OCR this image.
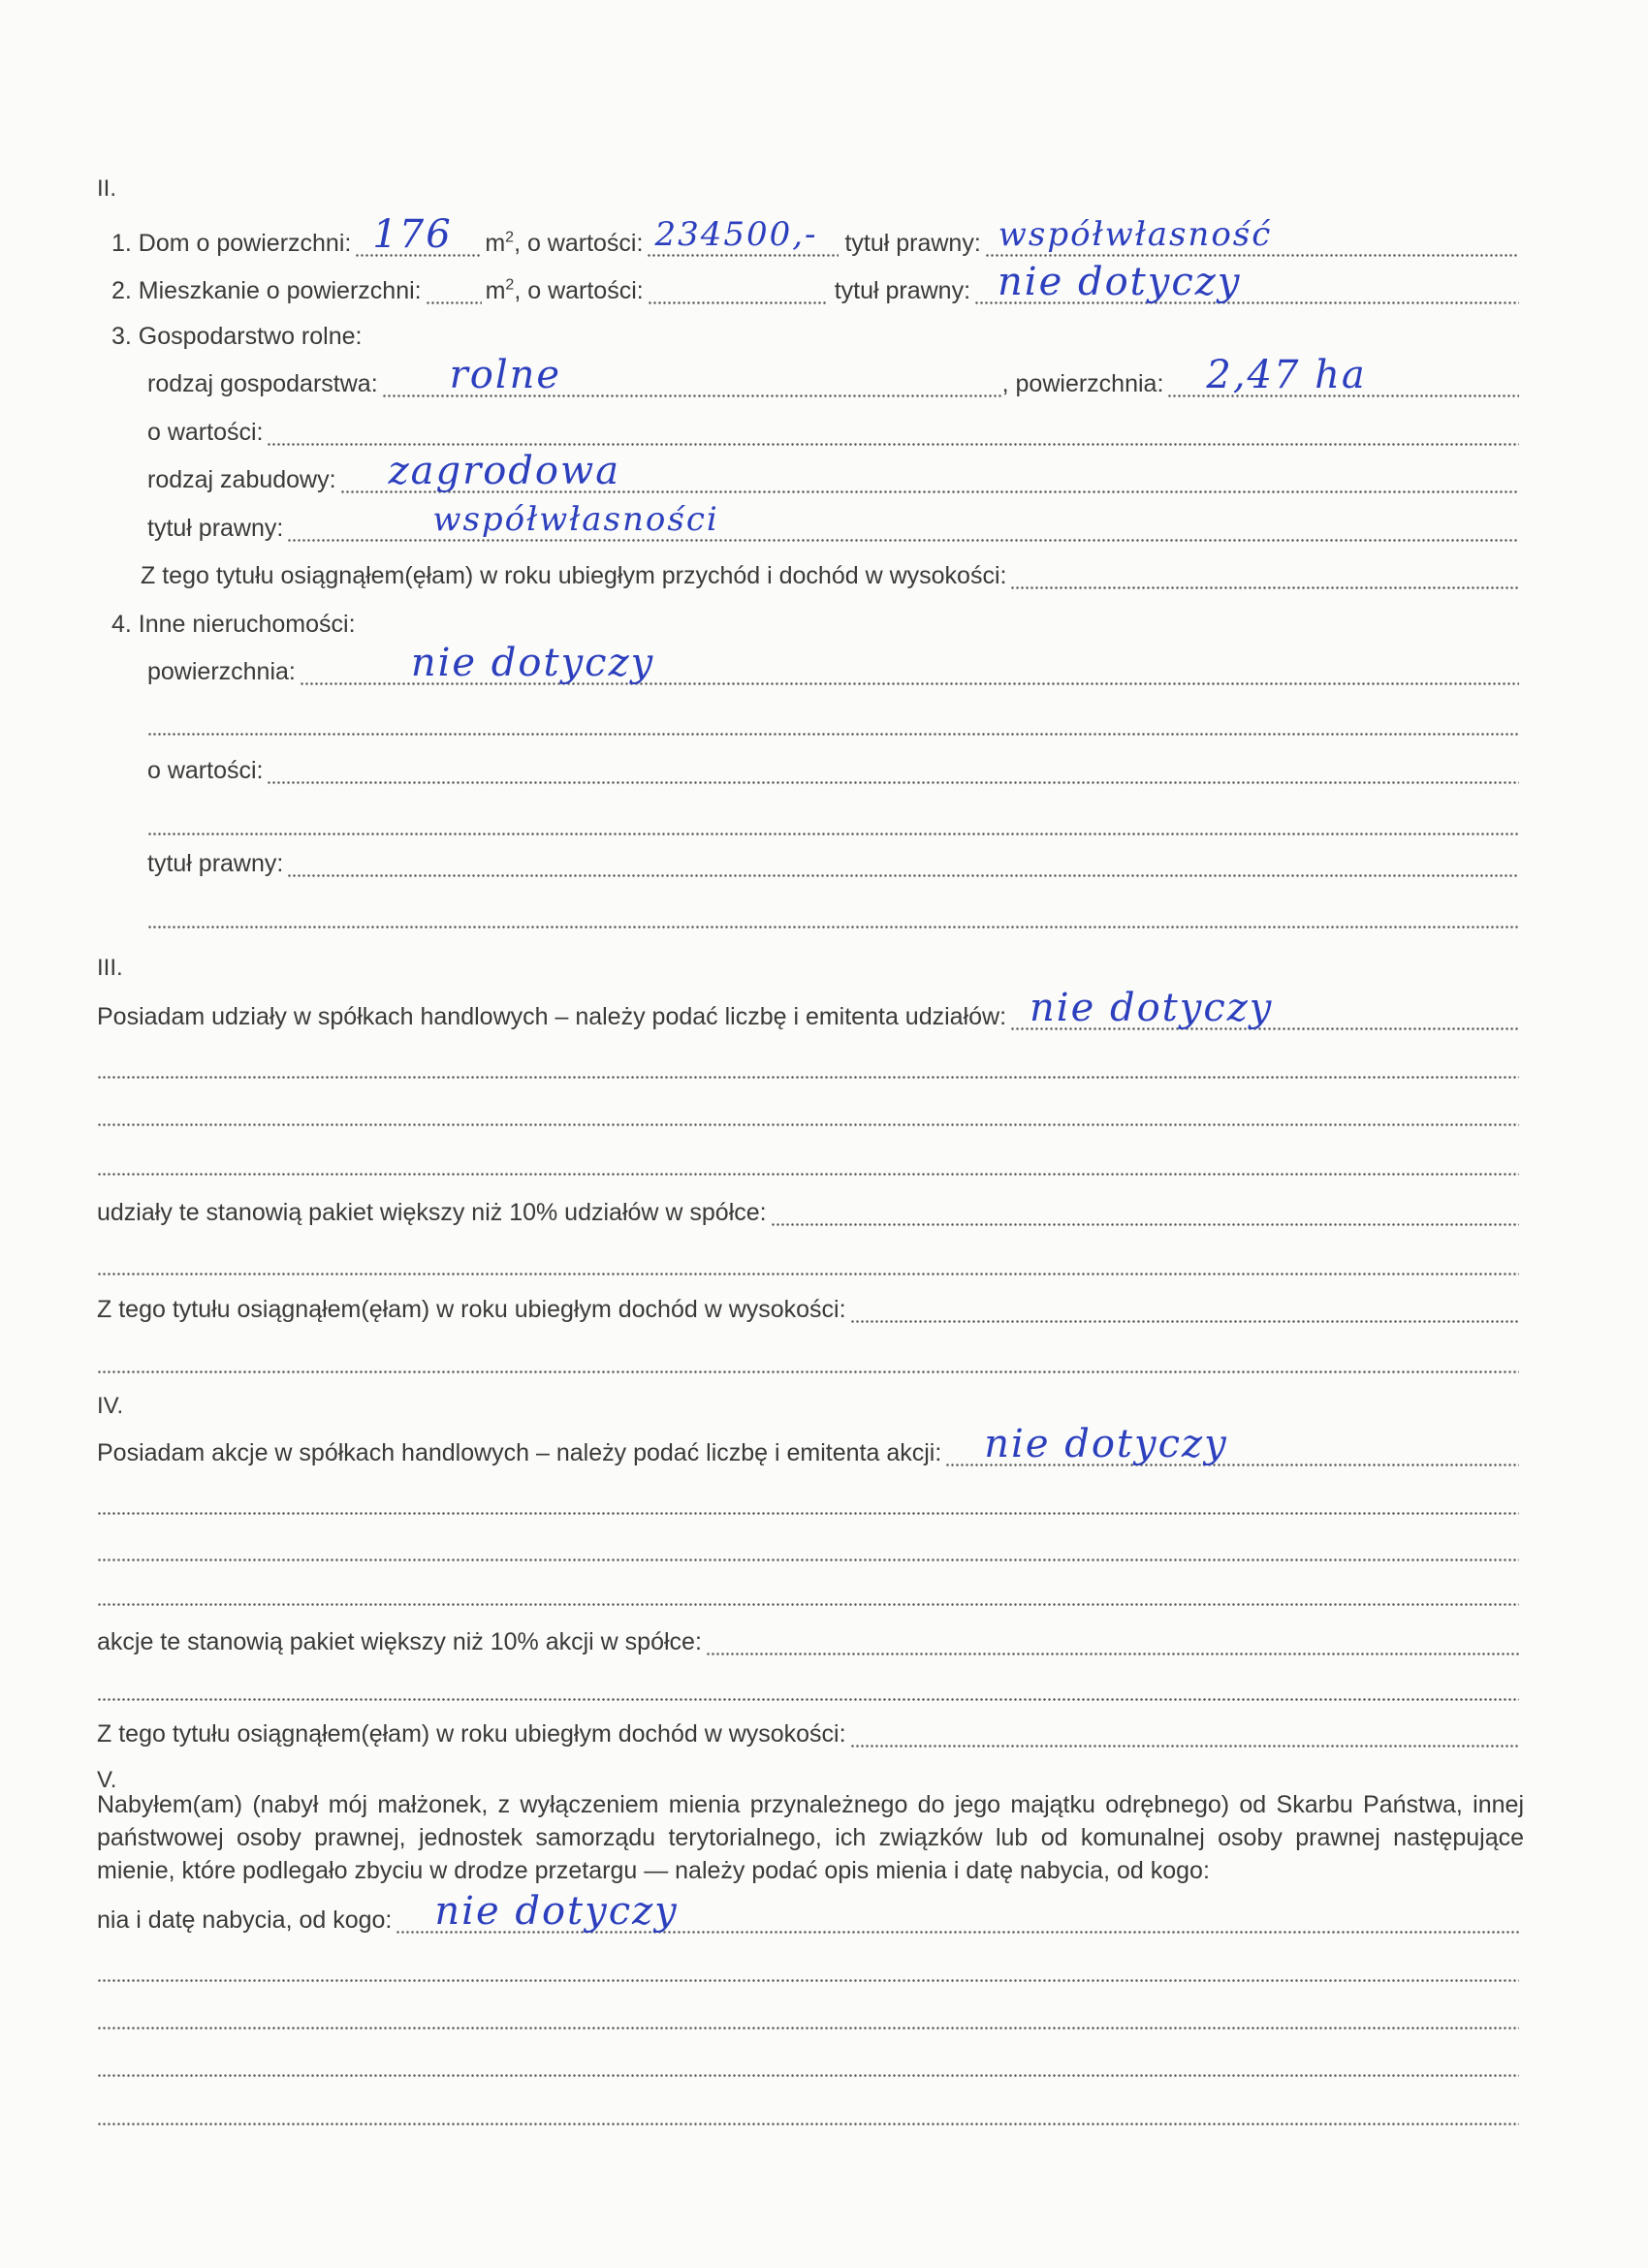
II.
1. Dom o powierzchni: 176 $m^2$, o wartości: 234500,- tytuł prawny: współwłasność
2. Mieszkanie o powierzchni:	$m^2$, o wartości:	tytuł prawny: nie dotyczy
3. Gospodarstwo rolne:
rodzaj gospodarstwa: rolne	, powierzchnia: 2,47 ha
o wartości:
rodzaj zabudowy: zagrodowa
tytuł prawny:	współwłasności
Z tego tytułu osiągnąłem(ęłam) w roku ubiegłym przychód i dochód w wysokości:
4. Inne nieruchomości:
powierzchnia:	nie dotyczy
o wartości:
tytuł prawny:
III.
Posiadam udziały w spółkach handlowych – należy podać liczbę i emitenta udziałów: nie dotyczy
udziały te stanowią pakiet większy niż 10% udziałów w spółce:
Z tego tytułu osiągnąłem(ęłam) w roku ubiegłym dochód w wysokości:
IV.
Posiadam akcje w spółkach handlowych – należy podać liczbę i emitenta akcji: nie dotyczy
akcje te stanowią pakiet większy niż 10% akcji w spółce:
Z tego tytułu osiągnąłem(ęłam) w roku ubiegłym dochód w wysokości:
V.
Nabyłem(am) (nabył mój małżonek, z wyłączeniem mienia przynależnego do jego majątku odrębnego) od Skarbu Państwa, innej państwowej osoby prawnej, jednostek samorządu terytorialnego, ich związków lub od komunalnej osoby prawnej następujące mienie, które podlegało zbyciu w drodze przetargu — należy podać opis mienia i datę nabycia, od kogo:
nia i datę nabycia, od kogo: nie dotyczy
